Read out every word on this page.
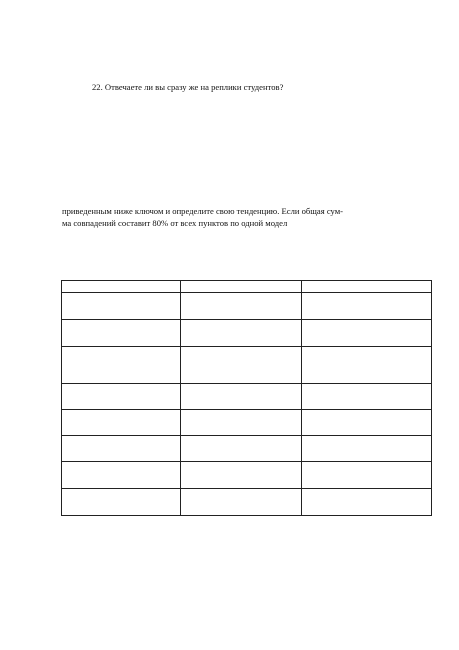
22. Отвечаете ли вы сразу же на реплики студентов?

приведенным ниже ключом и определите свою тенденцию. Если общая сум-
ма совпадений составит 80% от всех пунктов по одной модел
